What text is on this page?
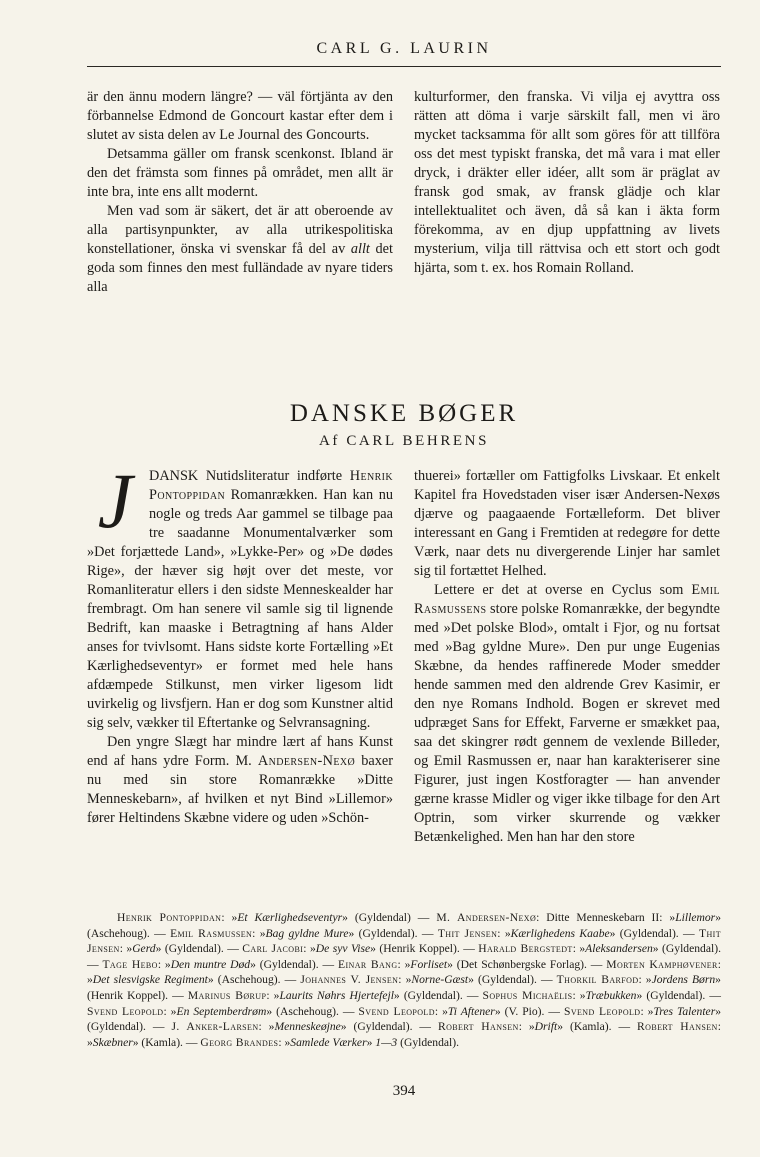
CARL G. LAURIN

är den ännu modern längre? — väl förtjänta av den förbannelse Edmond de Goncourt kastar efter dem i slutet av sista delen av Le Journal des Goncourts.

Detsamma gäller om fransk scenkonst. Ibland är den det främsta som finnes på området, men allt är inte bra, inte ens allt modernt.

Men vad som är säkert, det är att oberoende av alla partisynpunkter, av alla utrikespolitiska konstellationer, önska vi svenskar få del av allt det goda som finnes den mest fulländade av nyare tiders alla

kulturformer, den franska. Vi vilja ej avyttra oss rätten att döma i varje särskilt fall, men vi äro mycket tacksamma för allt som göres för att tillföra oss det mest typiskt franska, det må vara i mat eller dryck, i dräkter eller idéer, allt som är präglat av fransk god smak, av fransk glädje och klar intellektualitet och även, då så kan i äkta form förekomma, av en djup uppfattning av livets mysterium, vilja till rättvisa och ett stort och godt hjärta, som t. ex. hos Romain Rolland.

DANSKE BØGER
Af CARL BEHRENS

J	DANSK Nutidsliteratur indførte Henrik Pontoppidan Romanrækken. Han kan nu nogle og treds Aar gammel se tilbage paa tre saadanne Monumentalværker som »Det forjættede Land», »Lykke-Per» og »De dødes Rige», der hæver sig højt over det meste, vor Romanliteratur ellers i den sidste Menneskealder har frembragt. Om han senere vil samle sig til lignende Bedrift, kan maaske i Betragtning af hans Alder anses for tvivlsomt. Hans sidste korte Fortælling »Et Kærlighedseventyr» er formet med hele hans afdæmpede Stilkunst, men virker ligesom lidt uvirkelig og livsfjern. Han er dog som Kunstner altid sig selv, vækker til Eftertanke og Selvransagning.

Den yngre Slægt har mindre lært af hans Kunst end af hans ydre Form. M. Andersen-Nexø baxer nu med sin store Romanrække »Ditte Menneskebarn», af hvilken et nyt Bind »Lillemor» fører Heltindens Skæbne videre og uden »Schön-

thuerei» fortæller om Fattigfolks Livskaar. Et enkelt Kapitel fra Hovedstaden viser især Andersen-Nexøs djærve og paagaaende Fortælleform. Det bliver interessant en Gang i Fremtiden at redegøre for dette Værk, naar dets nu divergerende Linjer har samlet sig til fortættet Helhed.

Lettere er det at overse en Cyclus som Emil Rasmussens store polske Romanrække, der begyndte med »Det polske Blod», omtalt i Fjor, og nu fortsat med »Bag gyldne Mure». Den pur unge Eugenias Skæbne, da hendes raffinerede Moder smedder hende sammen med den aldrende Grev Kasimir, er den nye Romans Indhold. Bogen er skrevet med udpræget Sans for Effekt, Farverne er smækket paa, saa det skingrer rødt gennem de vexlende Billeder, og Emil Rasmussen er, naar han karakteriserer sine Figurer, just ingen Kostforagter — han anvender gærne krasse Midler og viger ikke tilbage for den Art Optrin, som virker skurrende og vækker Betænkelighed. Men han har den store

Henrik Pontoppidan: »Et Kærlighedseventyr» (Gyldendal) — M. Andersen-Nexø: Ditte Menneskebarn II: »Lillemor» (Aschehoug). — Emil Rasmussen: »Bag gyldne Mure» (Gyldendal). — Thit Jensen: »Kærlighedens Kaabe» (Gyldendal). — Thit Jensen: »Gerd» (Gyldendal). — Carl Jacobi: »De syv Vise» (Henrik Koppel). — Harald Bergstedt: »Aleksandersen» (Gyldendal). — Tage Hebo: »Den muntre Død» (Gyldendal). — Einar Bang: »Forliset» (Det Schønbergske Forlag). — Morten Kamphøvener: »Det slesvigske Regiment» (Aschehoug). — Johannes V. Jensen: »Norne-Gæst» (Gyldendal). — Thorkil Barfod: »Jordens Børn» (Henrik Koppel). — Marinus Børup: »Laurits Nøhrs Hjertefejl» (Gyldendal). — Sophus Michaëlis: »Træbukken» (Gyldendal). — Svend Leopold: »En Septemberdrøm» (Aschehoug). — Svend Leopold: »Ti Aftener» (V. Pio). — Svend Leopold: »Tres Talenter» (Gyldendal). — J. Anker-Larsen: »Menneskeøjne» (Gyldendal). — Robert Hansen: »Drift» (Kamla). — Robert Hansen: »Skæbner» (Kamla). — Georg Brandes: »Samlede Værker» 1—3 (Gyldendal).
394
